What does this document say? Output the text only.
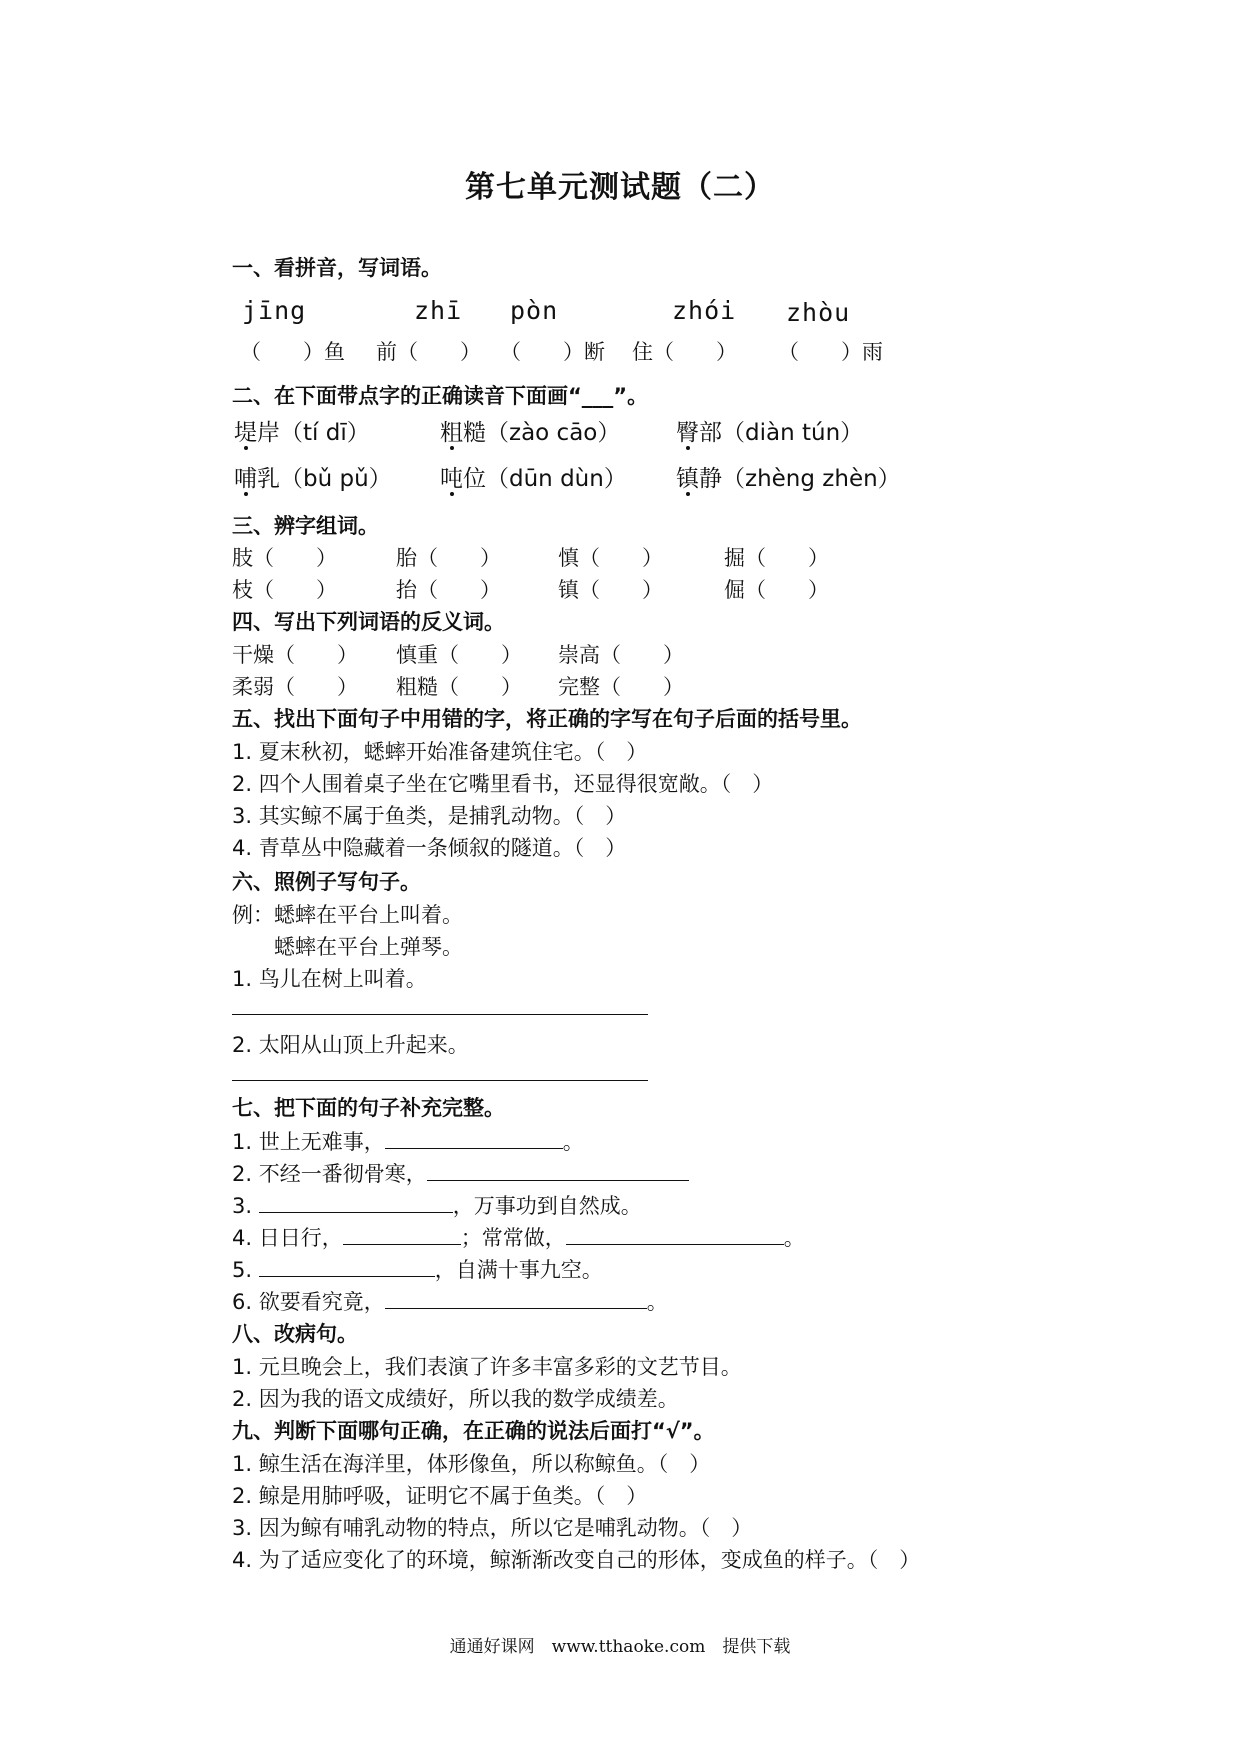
第七单元测试题（二）
一、看拼音，写词语。
jīng	zhī pòn	zhói zhòu
（　　）鱼 前（　　） （　　）断 住（　　） （　　）雨
二、在下面带点字的正确读音下面画“___”。
堤岸（tí dī）	粗糙（zào cāo） 臀部（diàn tún）
哺乳（bǔ pǔ） 吨位（dūn dùn） 镇静（zhèng zhèn）
三、辨字组词。
肢（　　）	胎（　　）	慎（　　）	掘（　　）
枝（　　）	抬（　　）	镇（　　）	倔（　　）
四、写出下列词语的反义词。
干燥（　　） 慎重（　　） 崇高（　　）
柔弱（　　） 粗糙（　　） 完整（　　）
五、找出下面句子中用错的字，将正确的字写在句子后面的括号里。
1. 夏末秋初，蟋蟀开始准备建筑住宅。（　）
2. 四个人围着桌子坐在它嘴里看书，还显得很宽敞。（　）
3. 其实鲸不属于鱼类，是捕乳动物。（　）
4. 青草丛中隐藏着一条倾叙的隧道。（　）
六、照例子写句子。
例：蟋蟀在平台上叫着。
蟋蟀在平台上弹琴。
1. 鸟儿在树上叫着。
2. 太阳从山顶上升起来。
七、把下面的句子补充完整。
1. 世上无难事，	。
2. 不经一番彻骨寒，
3.	，万事功到自然成。
4. 日日行，	；常常做，	。
5.	，自满十事九空。
6. 欲要看究竟，	。
八、改病句。
1. 元旦晚会上，我们表演了许多丰富多彩的文艺节目。
2. 因为我的语文成绩好，所以我的数学成绩差。
九、判断下面哪句正确，在正确的说法后面打“√”。
1. 鲸生活在海洋里，体形像鱼，所以称鲸鱼。（　）
2. 鲸是用肺呼吸，证明它不属于鱼类。（　）
3. 因为鲸有哺乳动物的特点，所以它是哺乳动物。（　）
4. 为了适应变化了的环境，鲸渐渐改变自己的形体，变成鱼的样子。（　）
通通好课网　www.tthaoke.com　提供下载
